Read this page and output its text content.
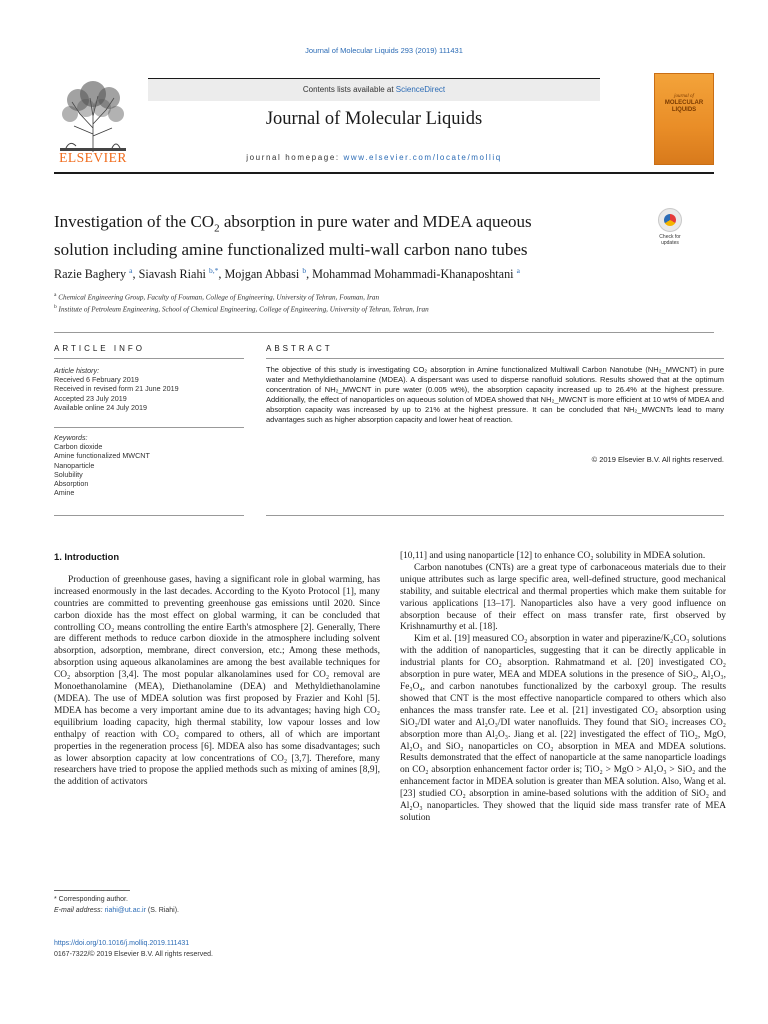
Journal of Molecular Liquids 293 (2019) 111431
ELSEVIER
Contents lists available at ScienceDirect
Journal of Molecular Liquids
journal homepage: www.elsevier.com/locate/molliq
journal of
MOLECULAR
LIQUIDS
Investigation of the $CO_2$ absorption in pure water and MDEA aqueous
solution including amine functionalized multi-wall carbon nano tubes
Check for
updates
Razie Baghery $^a$, Siavash Riahi $^{b,*}$, Mojgan Abbasi $^b$, Mohammad Mohammadi-Khanaposhtani $^a$
$^a$ Chemical Engineering Group, Faculty of Fouman, College of Engineering, University of Tehran, Fouman, Iran
$^b$ Institute of Petroleum Engineering, School of Chemical Engineering, College of Engineering, University of Tehran, Tehran, Iran
ARTICLE INFO	ABSTRACT
Article history:
Received 6 February 2019
Received in revised form 21 June 2019
Accepted 23 July 2019
Available online 24 July 2019
Keywords:
Carbon dioxide
Amine functionalized MWCNT
Nanoparticle
Solubility
Absorption
Amine
The objective of this study is investigating CO₂ absorption in Amine functionalized Multiwall Carbon Nanotube (NH₂_MWCNT) in pure water and Methyldiethanolamine (MDEA). A dispersant was used to disperse nanofluid solutions. Results showed that at the optimum concentration of NH₂_MWCNT in pure water (0.005 wt%), the absorption capacity increased up to 26.4% at the highest pressure. Additionally, the effect of nanoparticles on aqueous solution of MDEA showed that NH₂_MWCNT is more efficient at 10 wt% of MDEA and absorption capacity was increased by up to 21% at the highest pressure. It can be concluded that NH₂_MWCNTs lead to many advantages such as higher absorption capacity and lower heat of reaction.
© 2019 Elsevier B.V. All rights reserved.
1. Introduction

Production of greenhouse gases, having a significant role in global warming, has increased enormously in the last decades. According to the Kyoto Protocol [1], many countries are committed to preventing greenhouse gas emissions until 2020. Since carbon dioxide has the most effect on global warming, it can be concluded that controlling CO₂ means controlling the entire Earth's atmosphere [2]. Generally, There are different methods to reduce carbon dioxide in the atmosphere including solvent absorption, adsorption, membrane, direct conversion, etc.; Among these methods, absorption using aqueous alkanolamines are among the best available techniques for CO₂ absorption [3,4]. The most popular alkanolamines used for CO₂ removal are Monoethanolamine (MEA), Diethanolamine (DEA) and Methyldiethanolamine (MDEA). The use of MDEA solution was first proposed by Frazier and Kohl [5]. MDEA has become a very important amine due to its advantages; having high CO₂ equilibrium loading capacity, high thermal stability, low vapour losses and low enthalpy of reaction with CO₂ compared to others, all of which are important properties in the regeneration process [6]. MDEA also has some disadvantages; such as lower absorption capacity at low concentrations of CO₂ [3,7]. Therefore, many researchers have tried to propose the applied methods such as mixing of amines [8,9], the addition of activators

[10,11] and using nanoparticle [12] to enhance CO₂ solubility in MDEA solution.

Carbon nanotubes (CNTs) are a great type of carbonaceous materials due to their unique attributes such as large specific area, well-defined structure, good mechanical stability, and suitable electrical and thermal properties which make them suitable for various applications [13–17]. Nanoparticles also have a very good influence on absorption because of their effect on mass transfer rate, first observed by Krishnamurthy et al. [18].

Kim et al. [19] measured CO₂ absorption in water and piperazine/K₂CO₃ solutions with the addition of nanoparticles, suggesting that it can be directly applicable in industrial plants for CO₂ absorption. Rahmatmand et al. [20] investigated CO₂ absorption in pure water, MEA and MDEA solutions in the presence of SiO₂, Al₂O₃, Fe₃O₄, and carbon nanotubes functionalized by the carboxyl group. The results showed that CNT is the most effective nanoparticle compared to others which also enhances the mass transfer rate. Lee et al. [21] investigated CO₂ absorption using SiO₂/DI water and Al₂O₃/DI water nanofluids. They found that SiO₂ increases CO₂ absorption more than Al₂O₃. Jiang et al. [22] investigated the effect of TiO₂, MgO, Al₂O₃ and SiO₂ nanoparticles on CO₂ absorption in MEA and MDEA solutions. Results demonstrated that the effect of nanoparticle at the same nanoparticle loadings on CO₂ absorption enhancement factor order is; TiO₂ > MgO > Al₂O₃ > SiO₂ and the enhancement factor in MDEA solution is greater than MEA solution. Also, Wang et al. [23] studied CO₂ absorption in amine-based solutions with the addition of SiO₂ and Al₂O₃ nanoparticles. They showed that the liquid side mass transfer rate of MEA solution

* Corresponding author.
E-mail address: riahi@ut.ac.ir (S. Riahi).
https://doi.org/10.1016/j.molliq.2019.111431
0167-7322/© 2019 Elsevier B.V. All rights reserved.
